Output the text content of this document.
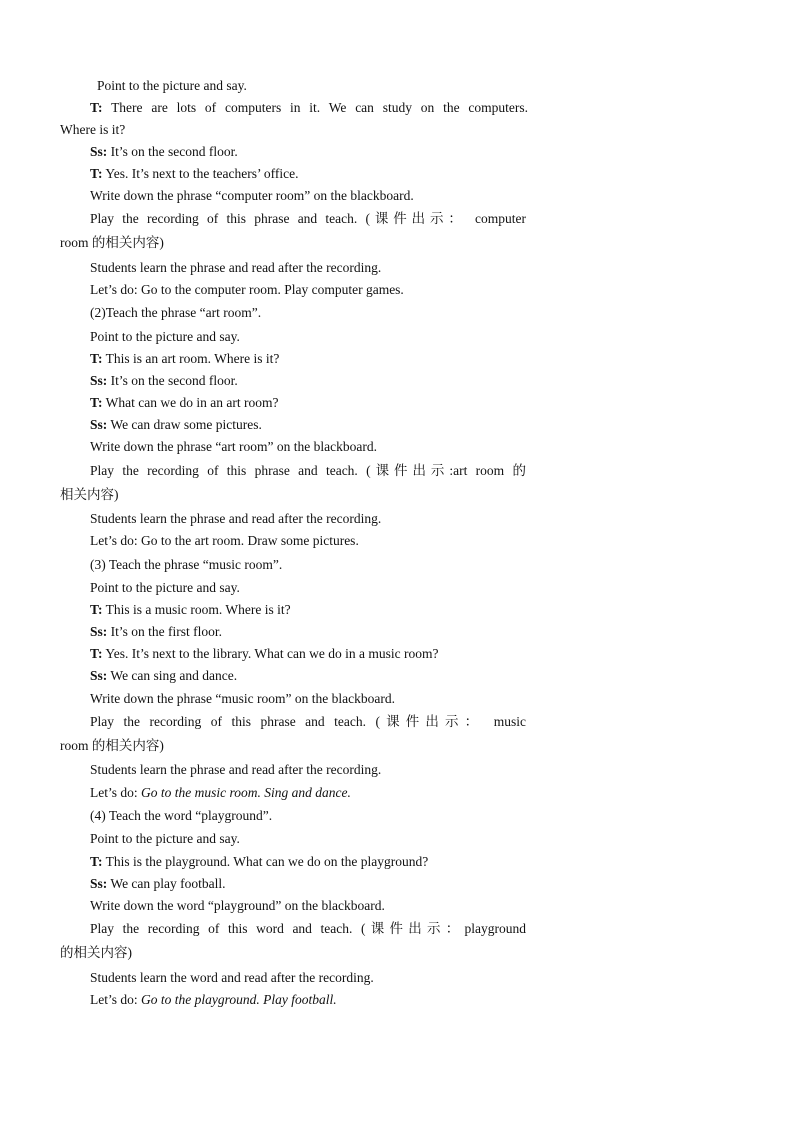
Point to the picture and say.
T: There are lots of computers in it. We can study on the computers.
Where is it?
Ss: It’s on the second floor.
T: Yes. It’s next to the teachers’ office.
Write down the phrase “computer room” on the blackboard.
Play the recording of this phrase and teach. (课件出示： computer
room 的相关内容)
Students learn the phrase and read after the recording.
Let’s do: Go to the computer room. Play computer games.
(2)Teach the phrase “art room”.
Point to the picture and say.
T: This is an art room. Where is it?
Ss: It’s on the second floor.
T: What can we do in an art room?
Ss: We can draw some pictures.
Write down the phrase “art room” on the blackboard.
Play the recording of this phrase and teach. (课件出示:art room 的
相关内容)
Students learn the phrase and read after the recording.
Let’s do: Go to the art room. Draw some pictures.
(3) Teach the phrase “music room”.
Point to the picture and say.
T: This is a music room. Where is it?
Ss: It’s on the first floor.
T: Yes. It’s next to the library. What can we do in a music room?
Ss: We can sing and dance.
Write down the phrase “music room” on the blackboard.
Play the recording of this phrase and teach. (课件出示： music
room 的相关内容)
Students learn the phrase and read after the recording.
Let’s do: Go to the music room. Sing and dance.
(4) Teach the word “playground”.
Point to the picture and say.
T: This is the playground. What can we do on the playground?
Ss: We can play football.
Write down the word “playground” on the blackboard.
Play the recording of this word and teach. (课件出示：playground
的相关内容)
Students learn the word and read after the recording.
Let’s do: Go to the playground. Play football.
